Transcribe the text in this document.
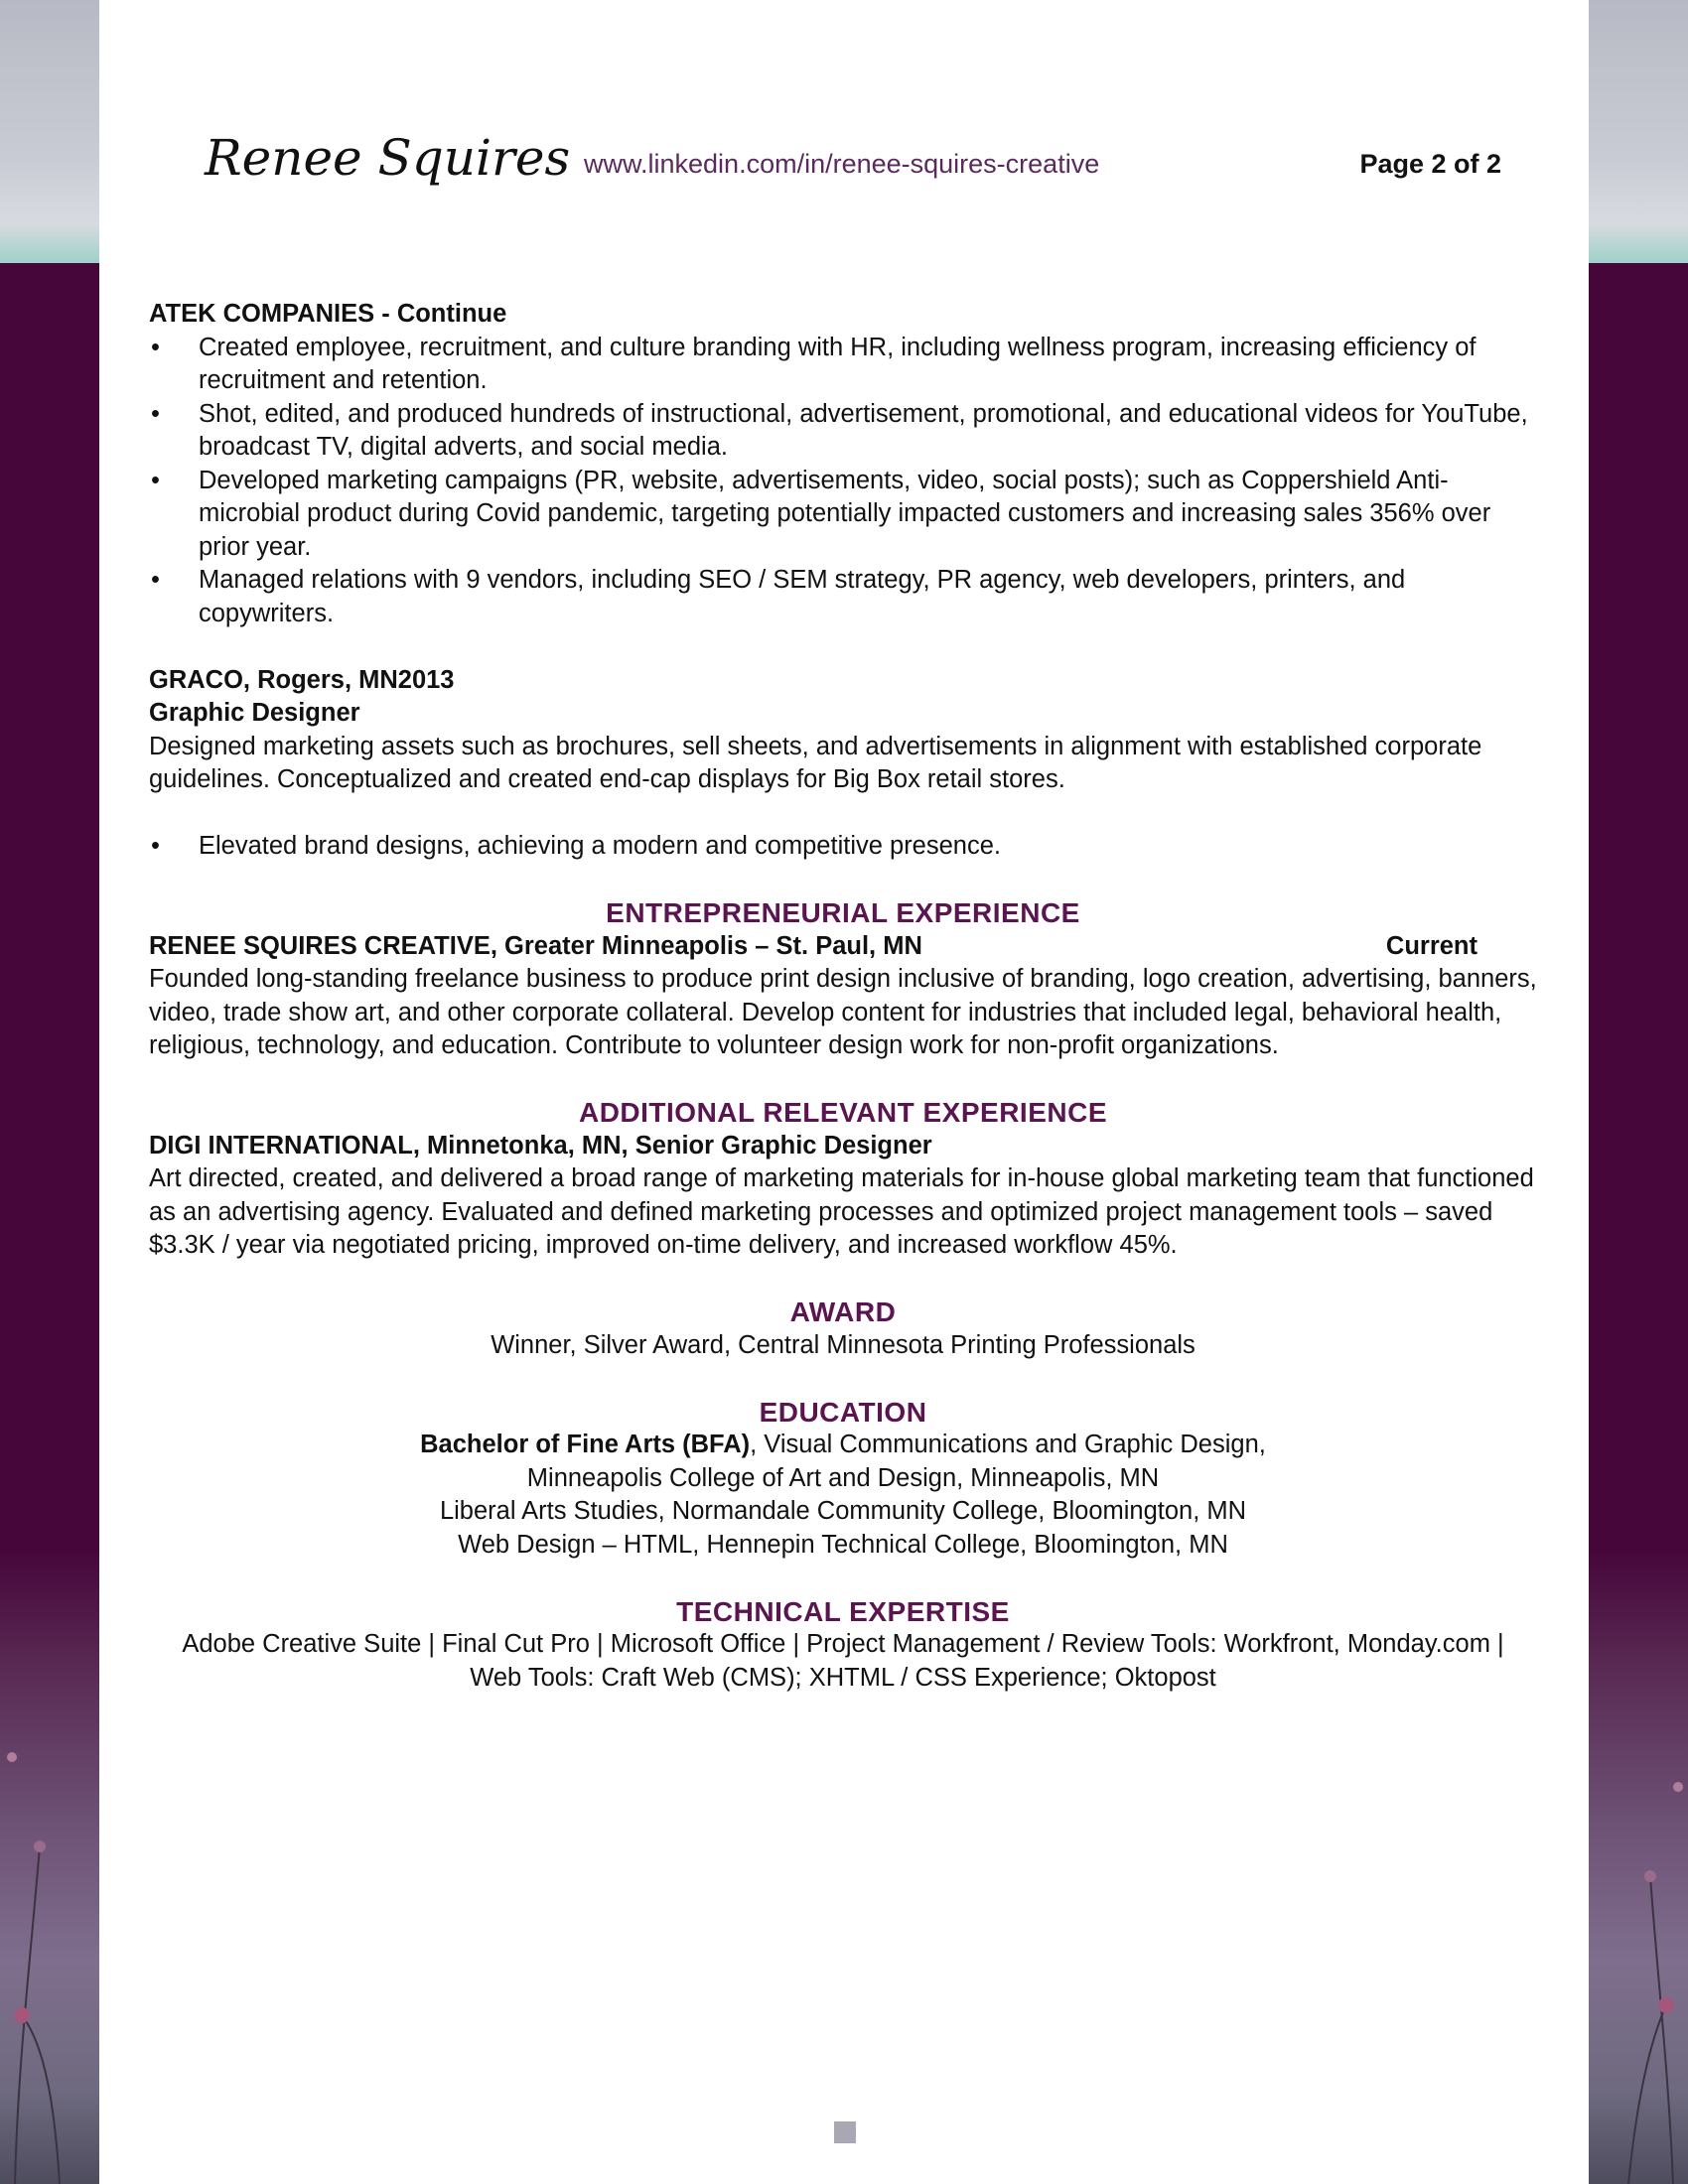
Renee Squires www.linkedin.com/in/renee-squires-creative	Page 2 of 2
ATEK COMPANIES - Continue
• Created employee, recruitment, and culture branding with HR, including wellness program, increasing efficiency of recruitment and retention.
• Shot, edited, and produced hundreds of instructional, advertisement, promotional, and educational videos for YouTube, broadcast TV, digital adverts, and social media.
• Developed marketing campaigns (PR, website, advertisements, video, social posts); such as Coppershield Anti-microbial product during Covid pandemic, targeting potentially impacted customers and increasing sales 356% over prior year.
• Managed relations with 9 vendors, including SEO / SEM strategy, PR agency, web developers, printers, and copywriters.
GRACO, Rogers, MN2013
Graphic Designer
Designed marketing assets such as brochures, sell sheets, and advertisements in alignment with established corporate guidelines. Conceptualized and created end-cap displays for Big Box retail stores.
• Elevated brand designs, achieving a modern and competitive presence.
ENTREPRENEURIAL EXPERIENCE
RENEE SQUIRES CREATIVE, Greater Minneapolis – St. Paul, MN	Current
Founded long-standing freelance business to produce print design inclusive of branding, logo creation, advertising, banners, video, trade show art, and other corporate collateral. Develop content for industries that included legal, behavioral health, religious, technology, and education. Contribute to volunteer design work for non-profit organizations.
ADDITIONAL RELEVANT EXPERIENCE
DIGI INTERNATIONAL, Minnetonka, MN, Senior Graphic Designer
Art directed, created, and delivered a broad range of marketing materials for in-house global marketing team that functioned as an advertising agency. Evaluated and defined marketing processes and optimized project management tools – saved $3.3K / year via negotiated pricing, improved on-time delivery, and increased workflow 45%.
AWARD
Winner, Silver Award, Central Minnesota Printing Professionals
EDUCATION
Bachelor of Fine Arts (BFA), Visual Communications and Graphic Design,
Minneapolis College of Art and Design, Minneapolis, MN
Liberal Arts Studies, Normandale Community College, Bloomington, MN
Web Design – HTML, Hennepin Technical College, Bloomington, MN
TECHNICAL EXPERTISE
Adobe Creative Suite | Final Cut Pro | Microsoft Office | Project Management / Review Tools: Workfront, Monday.com |
Web Tools: Craft Web (CMS); XHTML / CSS Experience; Oktopost
